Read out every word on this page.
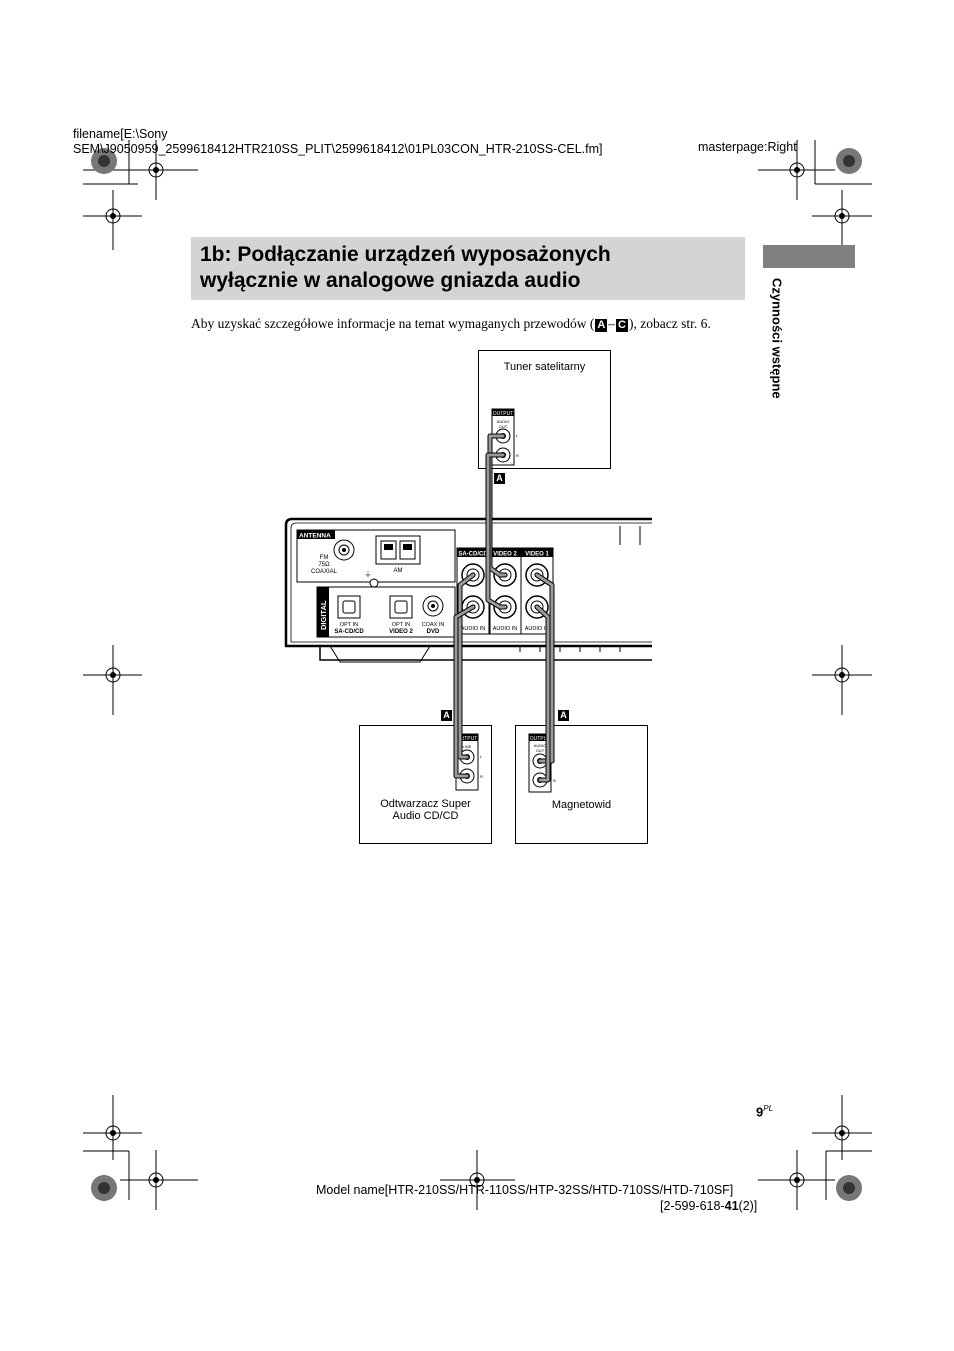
filename[E:\Sony
SEM\J9050959_2599618412HTR210SS_PLIT\2599618412\01PL03CON_HTR-210SS-CEL.fm]	masterpage:Right
1b: Podłączanie urządzeń wyposażonych
wyłącznie w analogowe gniazda audio	Czynności wstępne
Aby uzyskać szczegółowe informacje na temat wymaganych przewodów ( A – C ), zobacz str. 6.
Tuner satelitarny
Odtwarzacz Super
Audio CD/CD
Magnetowid
A
A	A
OUTPUT
AUDIO
OUT
L
R
OUTPUT
LINE
L
R
OUTPUT
AUDIO
OUT
L
R
ANTENNA
FM
75Ω
COAXIAL	AM
⏚
DIGITAL OPT IN
SA-CD/CD
OPT IN
VIDEO 2
COAX IN
DVD
SA-CD/CD
AUDIO IN
VIDEO 2
AUDIO IN
VIDEO 1
AUDIO IN
$9^{PL}$
Model name[HTR-210SS/HTR-110SS/HTP-32SS/HTD-710SS/HTD-710SF]
[2-599-618-41(2)]
